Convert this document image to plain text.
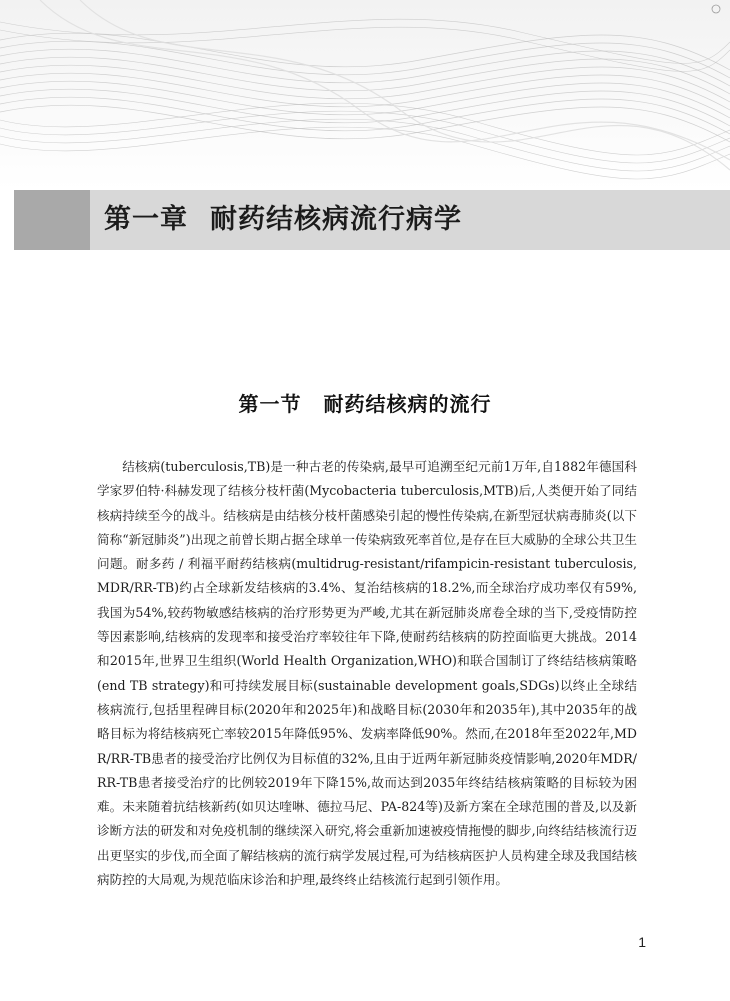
第一章 耐药结核病流行病学
第一节 耐药结核病的流行

结核病(tuberculosis,TB)是一种古老的传染病,最早可追溯至纪元前1万年,自1882年德国科学家罗伯特·科赫发现了结核分枝杆菌(Mycobacteria tuberculosis,MTB)后,人类便开始了同结核病持续至今的战斗。结核病是由结核分枝杆菌感染引起的慢性传染病,在新型冠状病毒肺炎(以下简称“新冠肺炎”)出现之前曾长期占据全球单一传染病致死率首位,是存在巨大威胁的全球公共卫生问题。耐多药 / 利福平耐药结核病(multidrug-resistant/rifampicin-resistant tuberculosis,MDR/RR-TB)约占全球新发结核病的3.4%、复治结核病的18.2%,而全球治疗成功率仅有59%,我国为54%,较药物敏感结核病的治疗形势更为严峻,尤其在新冠肺炎席卷全球的当下,受疫情防控等因素影响,结核病的发现率和接受治疗率较往年下降,使耐药结核病的防控面临更大挑战。2014和2015年,世界卫生组织(World Health Organization,WHO)和联合国制订了终结结核病策略(end TB strategy)和可持续发展目标(sustainable development goals,SDGs)以终止全球结核病流行,包括里程碑目标(2020年和2025年)和战略目标(2030年和2035年),其中2035年的战略目标为将结核病死亡率较2015年降低95%、发病率降低90%。然而,在2018年至2022年,MDR/RR-TB患者的接受治疗比例仅为目标值的32%,且由于近两年新冠肺炎疫情影响,2020年MDR/RR-TB患者接受治疗的比例较2019年下降15%,故而达到2035年终结结核病策略的目标较为困难。未来随着抗结核新药(如贝达喹啉、德拉马尼、PA-824等)及新方案在全球范围的普及,以及新诊断方法的研发和对免疫机制的继续深入研究,将会重新加速被疫情拖慢的脚步,向终结结核流行迈出更坚实的步伐,而全面了解结核病的流行病学发展过程,可为结核病医护人员构建全球及我国结核病防控的大局观,为规范临床诊治和护理,最终终止结核流行起到引领作用。

1
